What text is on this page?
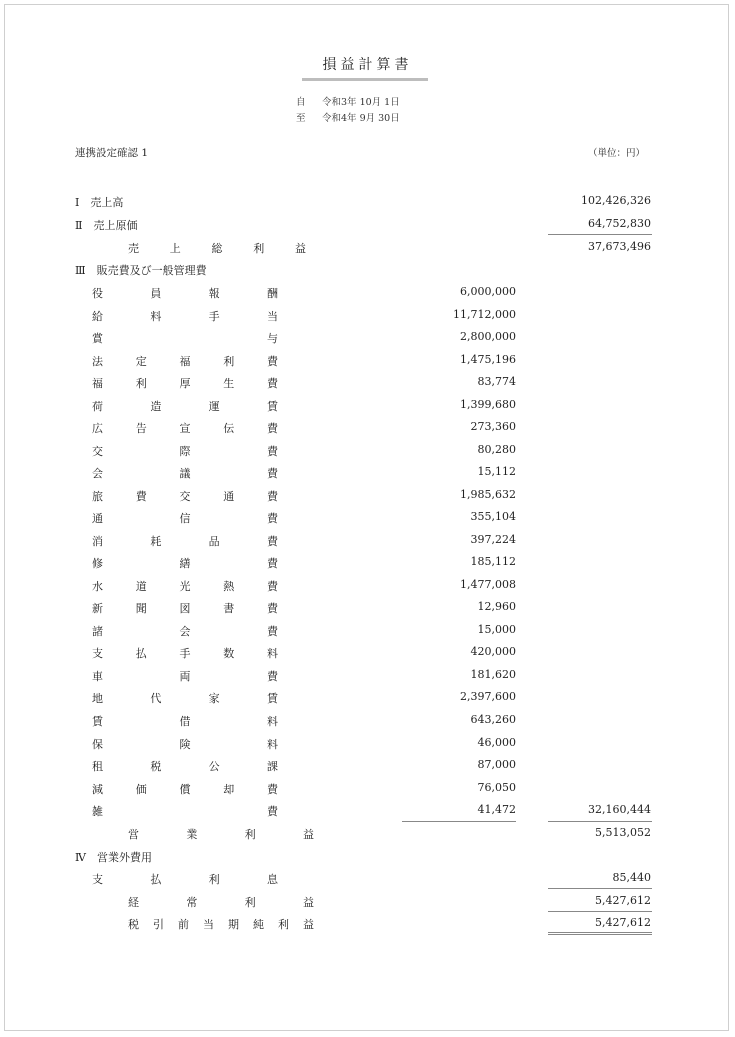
損益計算書
自 令和3年 10月 1日
至 令和4年 9月 30日
連携設定確認 1	（単位：円）
Ⅰ　売上高	102,426,326
Ⅱ　売上原価	64,752,830
売	上	総	利	益	37,673,496
Ⅲ　販売費及び一般管理費
役	員	報	酬	6,000,000
給	料	手	当	11,712,000
賞	与	2,800,000
法	定	福	利	費	1,475,196
福	利	厚	生	費	83,774
荷	造	運	賃	1,399,680
広	告	宣	伝	費	273,360
交	際	費	80,280
会	議	費	15,112
旅	費	交	通	費	1,985,632
通	信	費	355,104
消	耗	品	費	397,224
修	繕	費	185,112
水	道	光	熱	費	1,477,008
新	聞	図	書	費	12,960
諸	会	費	15,000
支	払	手	数	料	420,000
車	両	費	181,620
地	代	家	賃	2,397,600
賃	借	料	643,260
保	険	料	46,000
租	税	公	課	87,000
減	価	償	却	費	76,050
雑	費	41,472	32,160,444
営	業	利	益	5,513,052
Ⅳ　営業外費用
支	払	利	息	85,440
経	常	利	益	5,427,612
税 引 前 当 期 純 利 益	5,427,612
